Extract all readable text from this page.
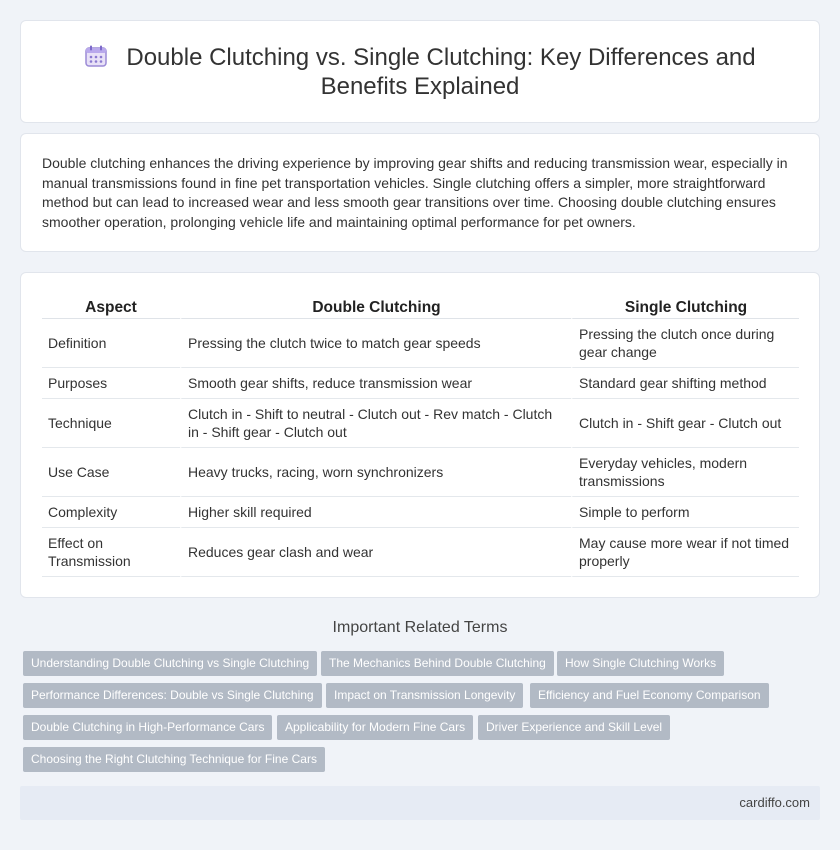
Double Clutching vs. Single Clutching: Key Differences and Benefits Explained

Double clutching enhances the driving experience by improving gear shifts and reducing transmission wear, especially in manual transmissions found in fine pet transportation vehicles. Single clutching offers a simpler, more straightforward method but can lead to increased wear and less smooth gear transitions over time. Choosing double clutching ensures smoother operation, prolonging vehicle life and maintaining optimal performance for pet owners.

Aspect	Double Clutching	Single Clutching
Definition	Pressing the clutch twice to match gear speeds	Pressing the clutch once during gear change
Purposes	Smooth gear shifts, reduce transmission wear	Standard gear shifting method
Technique	Clutch in - Shift to neutral - Clutch out - Rev match - Clutch in - Shift gear - Clutch out	Clutch in - Shift gear - Clutch out
Use Case	Heavy trucks, racing, worn synchronizers	Everyday vehicles, modern transmissions
Complexity	Higher skill required	Simple to perform
Effect on Transmission	Reduces gear clash and wear	May cause more wear if not timed properly
Important Related Terms
Understanding Double Clutching vs Single Clutching	The Mechanics Behind Double Clutching	How Single Clutching Works
Performance Differences: Double vs Single Clutching	Impact on Transmission Longevity	Efficiency and Fuel Economy Comparison
Double Clutching in High-Performance Cars	Applicability for Modern Fine Cars	Driver Experience and Skill Level
Choosing the Right Clutching Technique for Fine Cars
cardiffo.com
